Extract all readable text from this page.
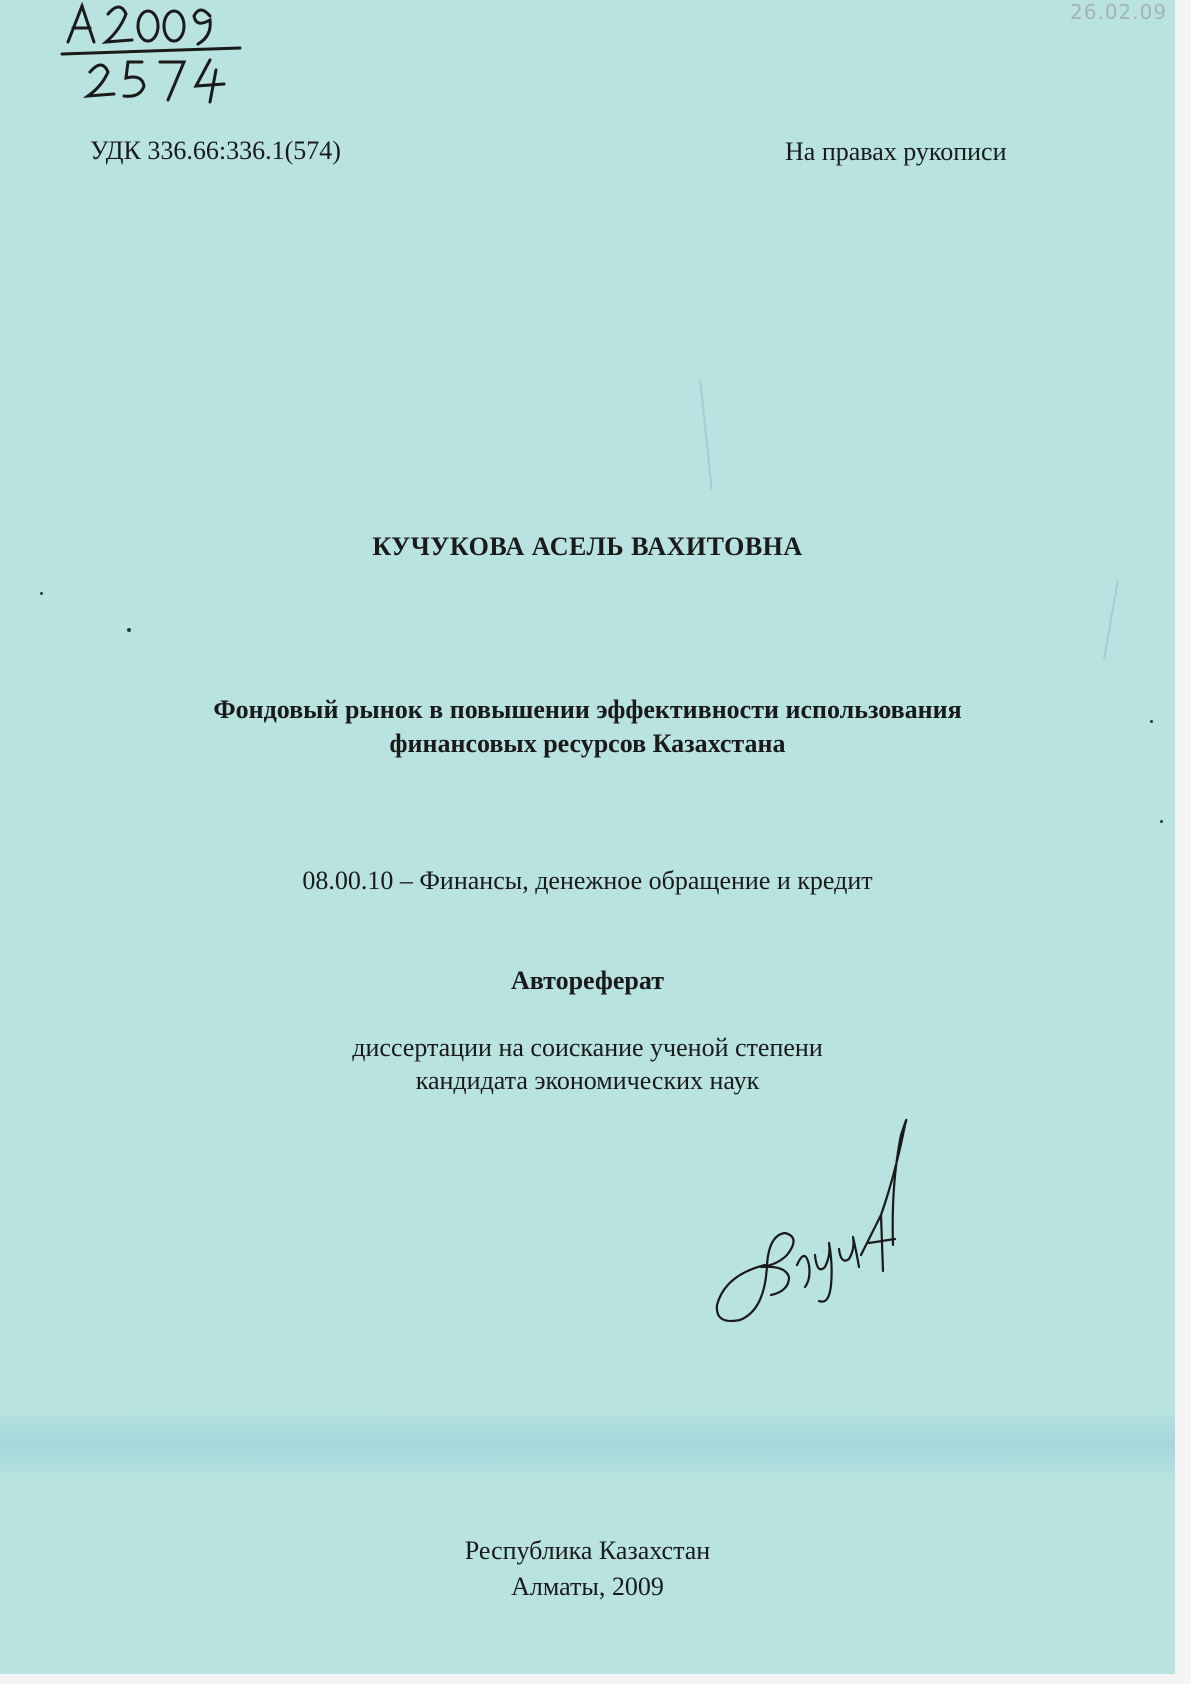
26.02.09
УДК 336.66:336.1(574)	На правах рукописи
КУЧУКОВА АСЕЛЬ ВАХИТОВНА
Фондовый рынок в повышении эффективности использования
финансовых ресурсов Казахстана
08.00.10 – Финансы, денежное обращение и кредит
Автореферат
диссертации на соискание ученой степени
кандидата экономических наук
Республика Казахстан
Алматы, 2009
